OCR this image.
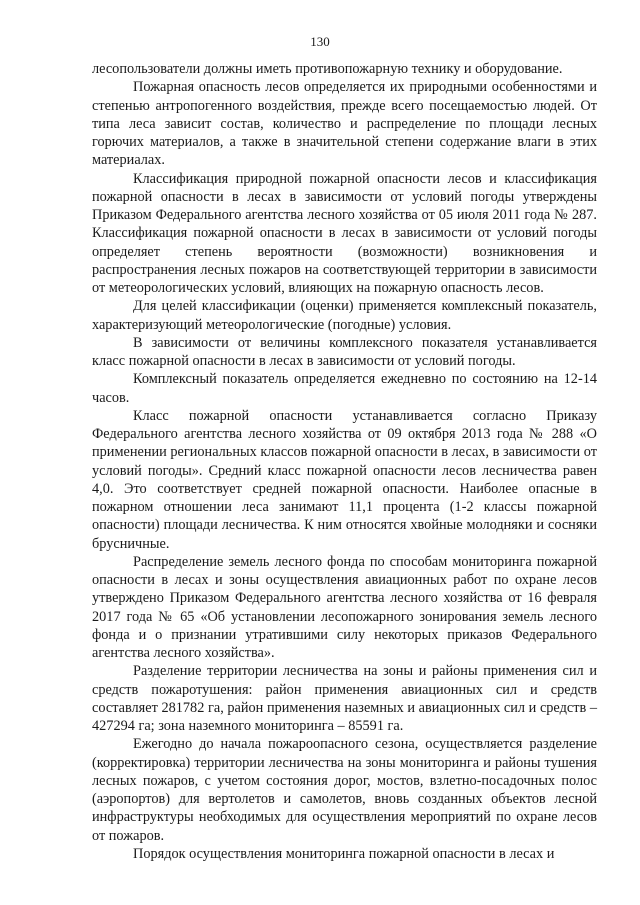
130

лесопользователи должны иметь противопожарную технику и оборудование.

Пожарная опасность лесов определяется их природными особенностями и степенью антропогенного воздействия, прежде всего посещаемостью людей. От типа леса зависит состав, количество и распределение по площади лесных горючих материалов, а также в значительной степени содержание влаги в этих материалах.

Классификация природной пожарной опасности лесов и классификация пожарной опасности в лесах в зависимости от условий погоды утверждены Приказом Федерального агентства лесного хозяйства от 05 июля 2011 года № 287. Классификация пожарной опасности в лесах в зависимости от условий погоды определяет степень вероятности (возможности) возникновения и распространения лесных пожаров на соответствующей территории в зависимости от метеорологических условий, влияющих на пожарную опасность лесов.

Для целей классификации (оценки) применяется комплексный показатель, характеризующий метеорологические (погодные) условия.

В зависимости от величины комплексного показателя устанавливается класс пожарной опасности в лесах в зависимости от условий погоды.

Комплексный показатель определяется ежедневно по состоянию на 12-14 часов.

Класс пожарной опасности устанавливается согласно Приказу Федерального агентства лесного хозяйства от 09 октября 2013 года № 288 «О применении региональных классов пожарной опасности в лесах, в зависимости от условий погоды». Средний класс пожарной опасности лесов лесничества равен 4,0. Это соответствует средней пожарной опасности. Наиболее опасные в пожарном отношении леса занимают 11,1 процента (1-2 классы пожарной опасности) площади лесничества. К ним относятся хвойные молодняки и сосняки брусничные.

Распределение земель лесного фонда по способам мониторинга пожарной опасности в лесах и зоны осуществления авиационных работ по охране лесов утверждено Приказом Федерального агентства лесного хозяйства от 16 февраля 2017 года № 65 «Об установлении лесопожарного зонирования земель лесного фонда и о признании утратившими силу некоторых приказов Федерального агентства лесного хозяйства».

Разделение территории лесничества на зоны и районы применения сил и средств пожаротушения: район применения авиационных сил и средств составляет 281782 га, район применения наземных и авиационных сил и средств – 427294 га; зона наземного мониторинга – 85591 га.

Ежегодно до начала пожароопасного сезона, осуществляется разделение (корректировка) территории лесничества на зоны мониторинга и районы тушения лесных пожаров, с учетом состояния дорог, мостов, взлетно-посадочных полос (аэропортов) для вертолетов и самолетов, вновь созданных объектов лесной инфраструктуры необходимых для осуществления мероприятий по охране лесов от пожаров.

Порядок осуществления мониторинга пожарной опасности в лесах и
